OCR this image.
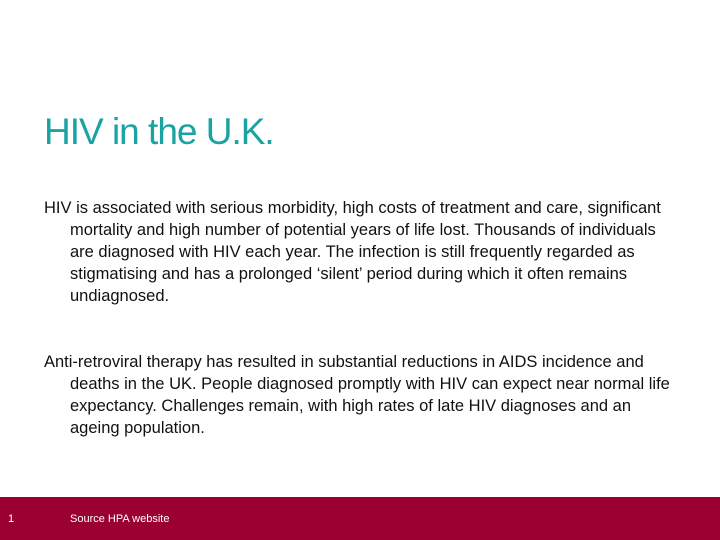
HIV in the U.K.

HIV is associated with serious morbidity, high costs of treatment and care, significant mortality and high number of potential years of life lost. Thousands of individuals are diagnosed with HIV each year. The infection is still frequently regarded as stigmatising and has a prolonged ‘silent’ period during which it often remains undiagnosed.

Anti-retroviral therapy has resulted in substantial reductions in AIDS incidence and deaths in the UK. People diagnosed promptly with HIV can expect near normal life expectancy. Challenges remain, with high rates of late HIV diagnoses and an ageing population.

1	Source HPA website
